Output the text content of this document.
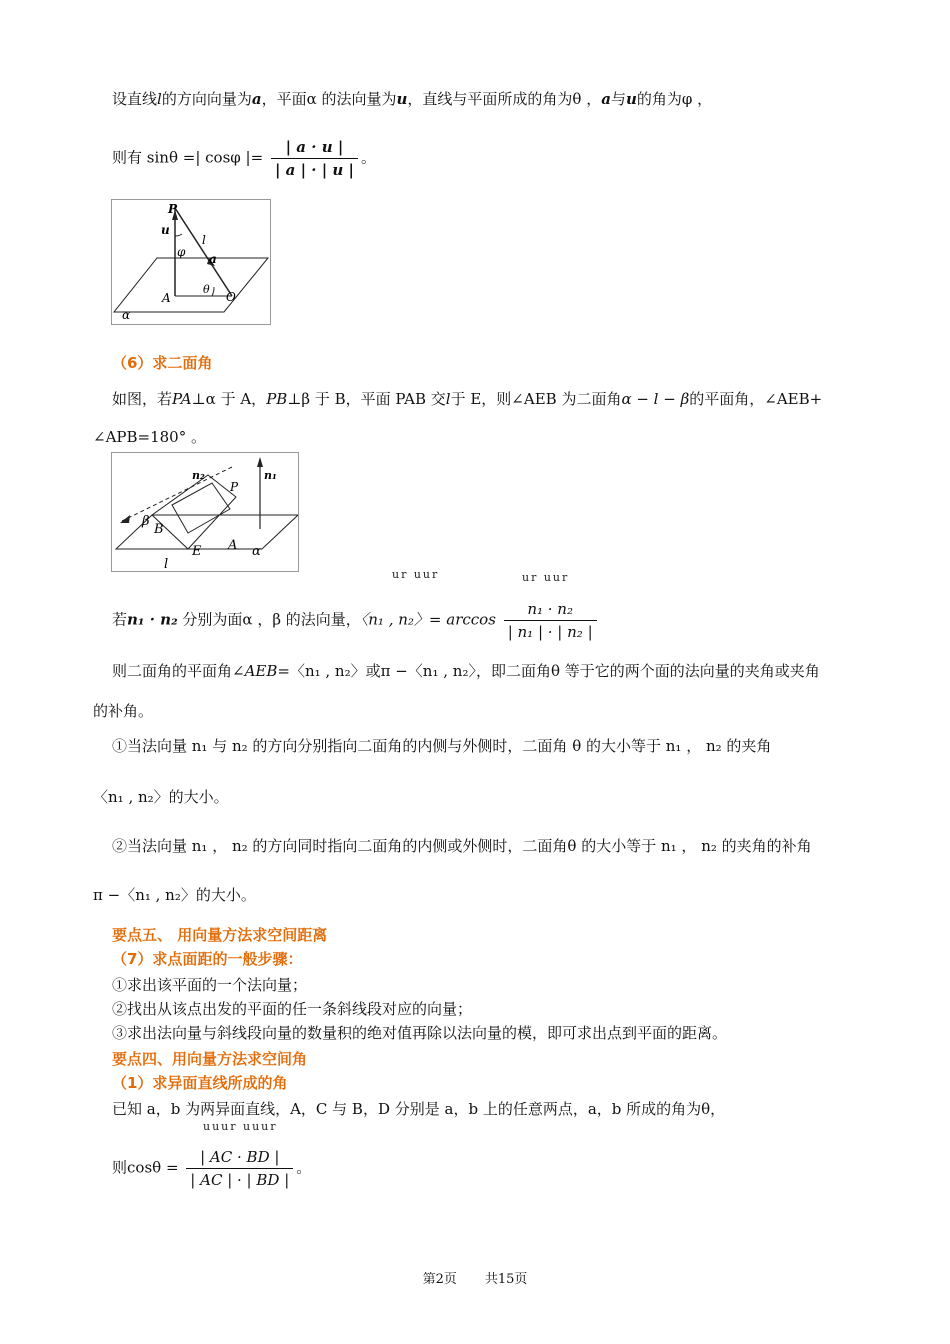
设直线l的方向向量为a，平面α 的法向量为u，直线与平面所成的角为θ ，a与u的角为φ ，
则有 sinθ =| cosφ |= $\frac{| a \cdot u |}{| a | \cdot | u |}$ 。
P
u
φ
l
a
A
θ
O
α
（6）求二面角
如图，若PA⊥α 于 A，PB⊥β 于 B，平面 PAB 交l于 E，则∠AEB 为二面角α − l − β的平面角，∠AEB+
∠APB=180° 。
n₂	n₁
P
β
B
A
E	α
l
ur uur	ur uur
若n₁ · n₂ 分别为面α ，β 的法向量，〈n₁ , n₂〉= $\arccos \frac{\text{n₁ · n₂}}{\text{| n₁ | · | n₂ |}}$
则二面角的平面角∠AEB=〈n₁ , n₂〉或π −〈n₁ , n₂〉，即二面角θ 等于它的两个面的法向量的夹角或夹角
的补角。
①当法向量 n₁ 与 n₂ 的方向分别指向二面角的内侧与外侧时，二面角 θ 的大小等于 n₁ ， n₂ 的夹角
〈n₁ , n₂〉的大小。
②当法向量 n₁ ， n₂ 的方向同时指向二面角的内侧或外侧时，二面角θ 的大小等于 n₁ ， n₂ 的夹角的补角
π −〈n₁ , n₂〉的大小。
要点五、 用向量方法求空间距离
（7）求点面距的一般步骤：
①求出该平面的一个法向量；
②找出从该点出发的平面的任一条斜线段对应的向量；
③求出法向量与斜线段向量的数量积的绝对值再除以法向量的模，即可求出点到平面的距离。
要点四、用向量方法求空间角
（1）求异面直线所成的角
已知 a，b 为两异面直线，A，C 与 B，D 分别是 a，b 上的任意两点，a，b 所成的角为θ，
uuur uuur
则$\cos\theta = \frac{| AC \cdot BD |}{| AC | \cdot | BD |}$ 。
第2页 共15页
